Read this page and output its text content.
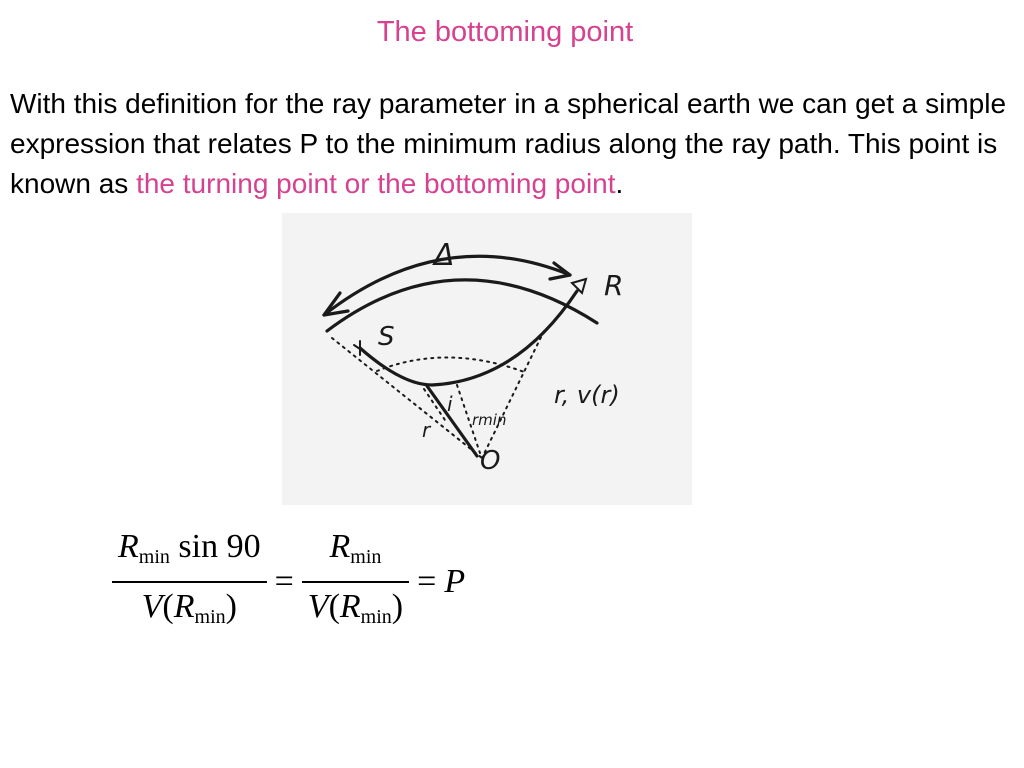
The bottoming point
With this definition for the ray parameter in a spherical earth we can get a simple expression that relates P to the minimum radius along the ray path. This point is known as the turning point or the bottoming point.
Δ
R
S
r, v(r)
i
rmin
r
O
$\frac{R_{min} \sin 90}{V(R_{min})} = \frac{R_{min}}{V(R_{min})} = P$
